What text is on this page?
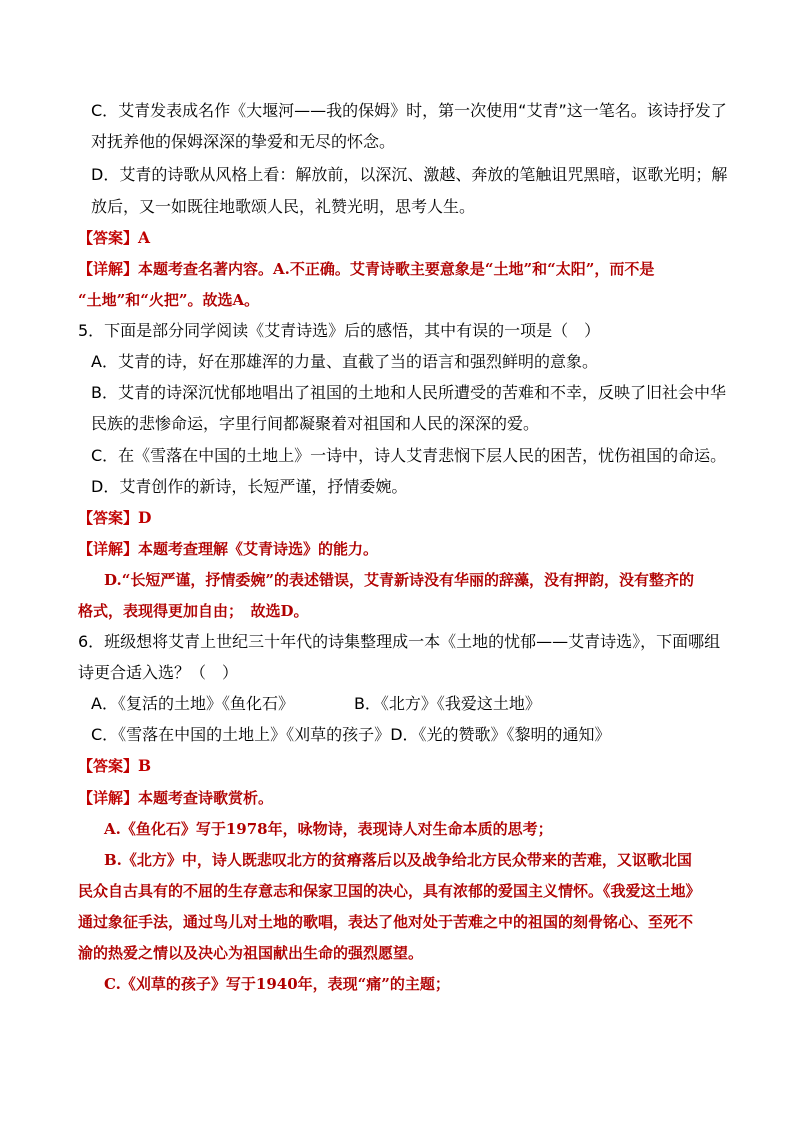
C．艾青发表成名作《大堰河——我的保姆》时，第一次使用“艾青”这一笔名。该诗抒发了
对抚养他的保姆深深的挚爱和无尽的怀念。
D．艾青的诗歌从风格上看：解放前，以深沉、激越、奔放的笔触诅咒黑暗，讴歌光明；解
放后，又一如既往地歌颂人民，礼赞光明，思考人生。
【答案】A
【详解】本题考查名著内容。A.不正确。艾青诗歌主要意象是“土地”和“太阳”，而不是
“土地”和“火把”。故选A。
5．下面是部分同学阅读《艾青诗选》后的感悟，其中有误的一项是（　）
A．艾青的诗，好在那雄浑的力量、直截了当的语言和强烈鲜明的意象。
B．艾青的诗深沉忧郁地唱出了祖国的土地和人民所遭受的苦难和不幸，反映了旧社会中华
民族的悲惨命运，字里行间都凝聚着对祖国和人民的深深的爱。
C．在《雪落在中国的土地上》一诗中，诗人艾青悲悯下层人民的困苦，忧伤祖国的命运。
D．艾青创作的新诗，长短严谨，抒情委婉。
【答案】D
【详解】本题考查理解《艾青诗选》的能力。
D.“长短严谨，抒情委婉”的表述错误，艾青新诗没有华丽的辞藻，没有押韵，没有整齐的
格式，表现得更加自由；　故选D。
6．班级想将艾青上世纪三十年代的诗集整理成一本《土地的忧郁——艾青诗选》，下面哪组
诗更合适入选？（　）
A．《复活的土地》《鱼化石》	B．《北方》《我爱这土地》
C．《雪落在中国的土地上》《刈草的孩子》D．《光的赞歌》《黎明的通知》
【答案】B
【详解】本题考查诗歌赏析。
A.《鱼化石》写于1978年，咏物诗，表现诗人对生命本质的思考；
B.《北方》中，诗人既悲叹北方的贫瘠落后以及战争给北方民众带来的苦难，又讴歌北国
民众自古具有的不屈的生存意志和保家卫国的决心，具有浓郁的爱国主义情怀。《我爱这土地》
通过象征手法，通过鸟儿对土地的歌唱，表达了他对处于苦难之中的祖国的刻骨铭心、至死不
渝的热爱之情以及决心为祖国献出生命的强烈愿望。
C.《刈草的孩子》写于1940年，表现“痛”的主题；
